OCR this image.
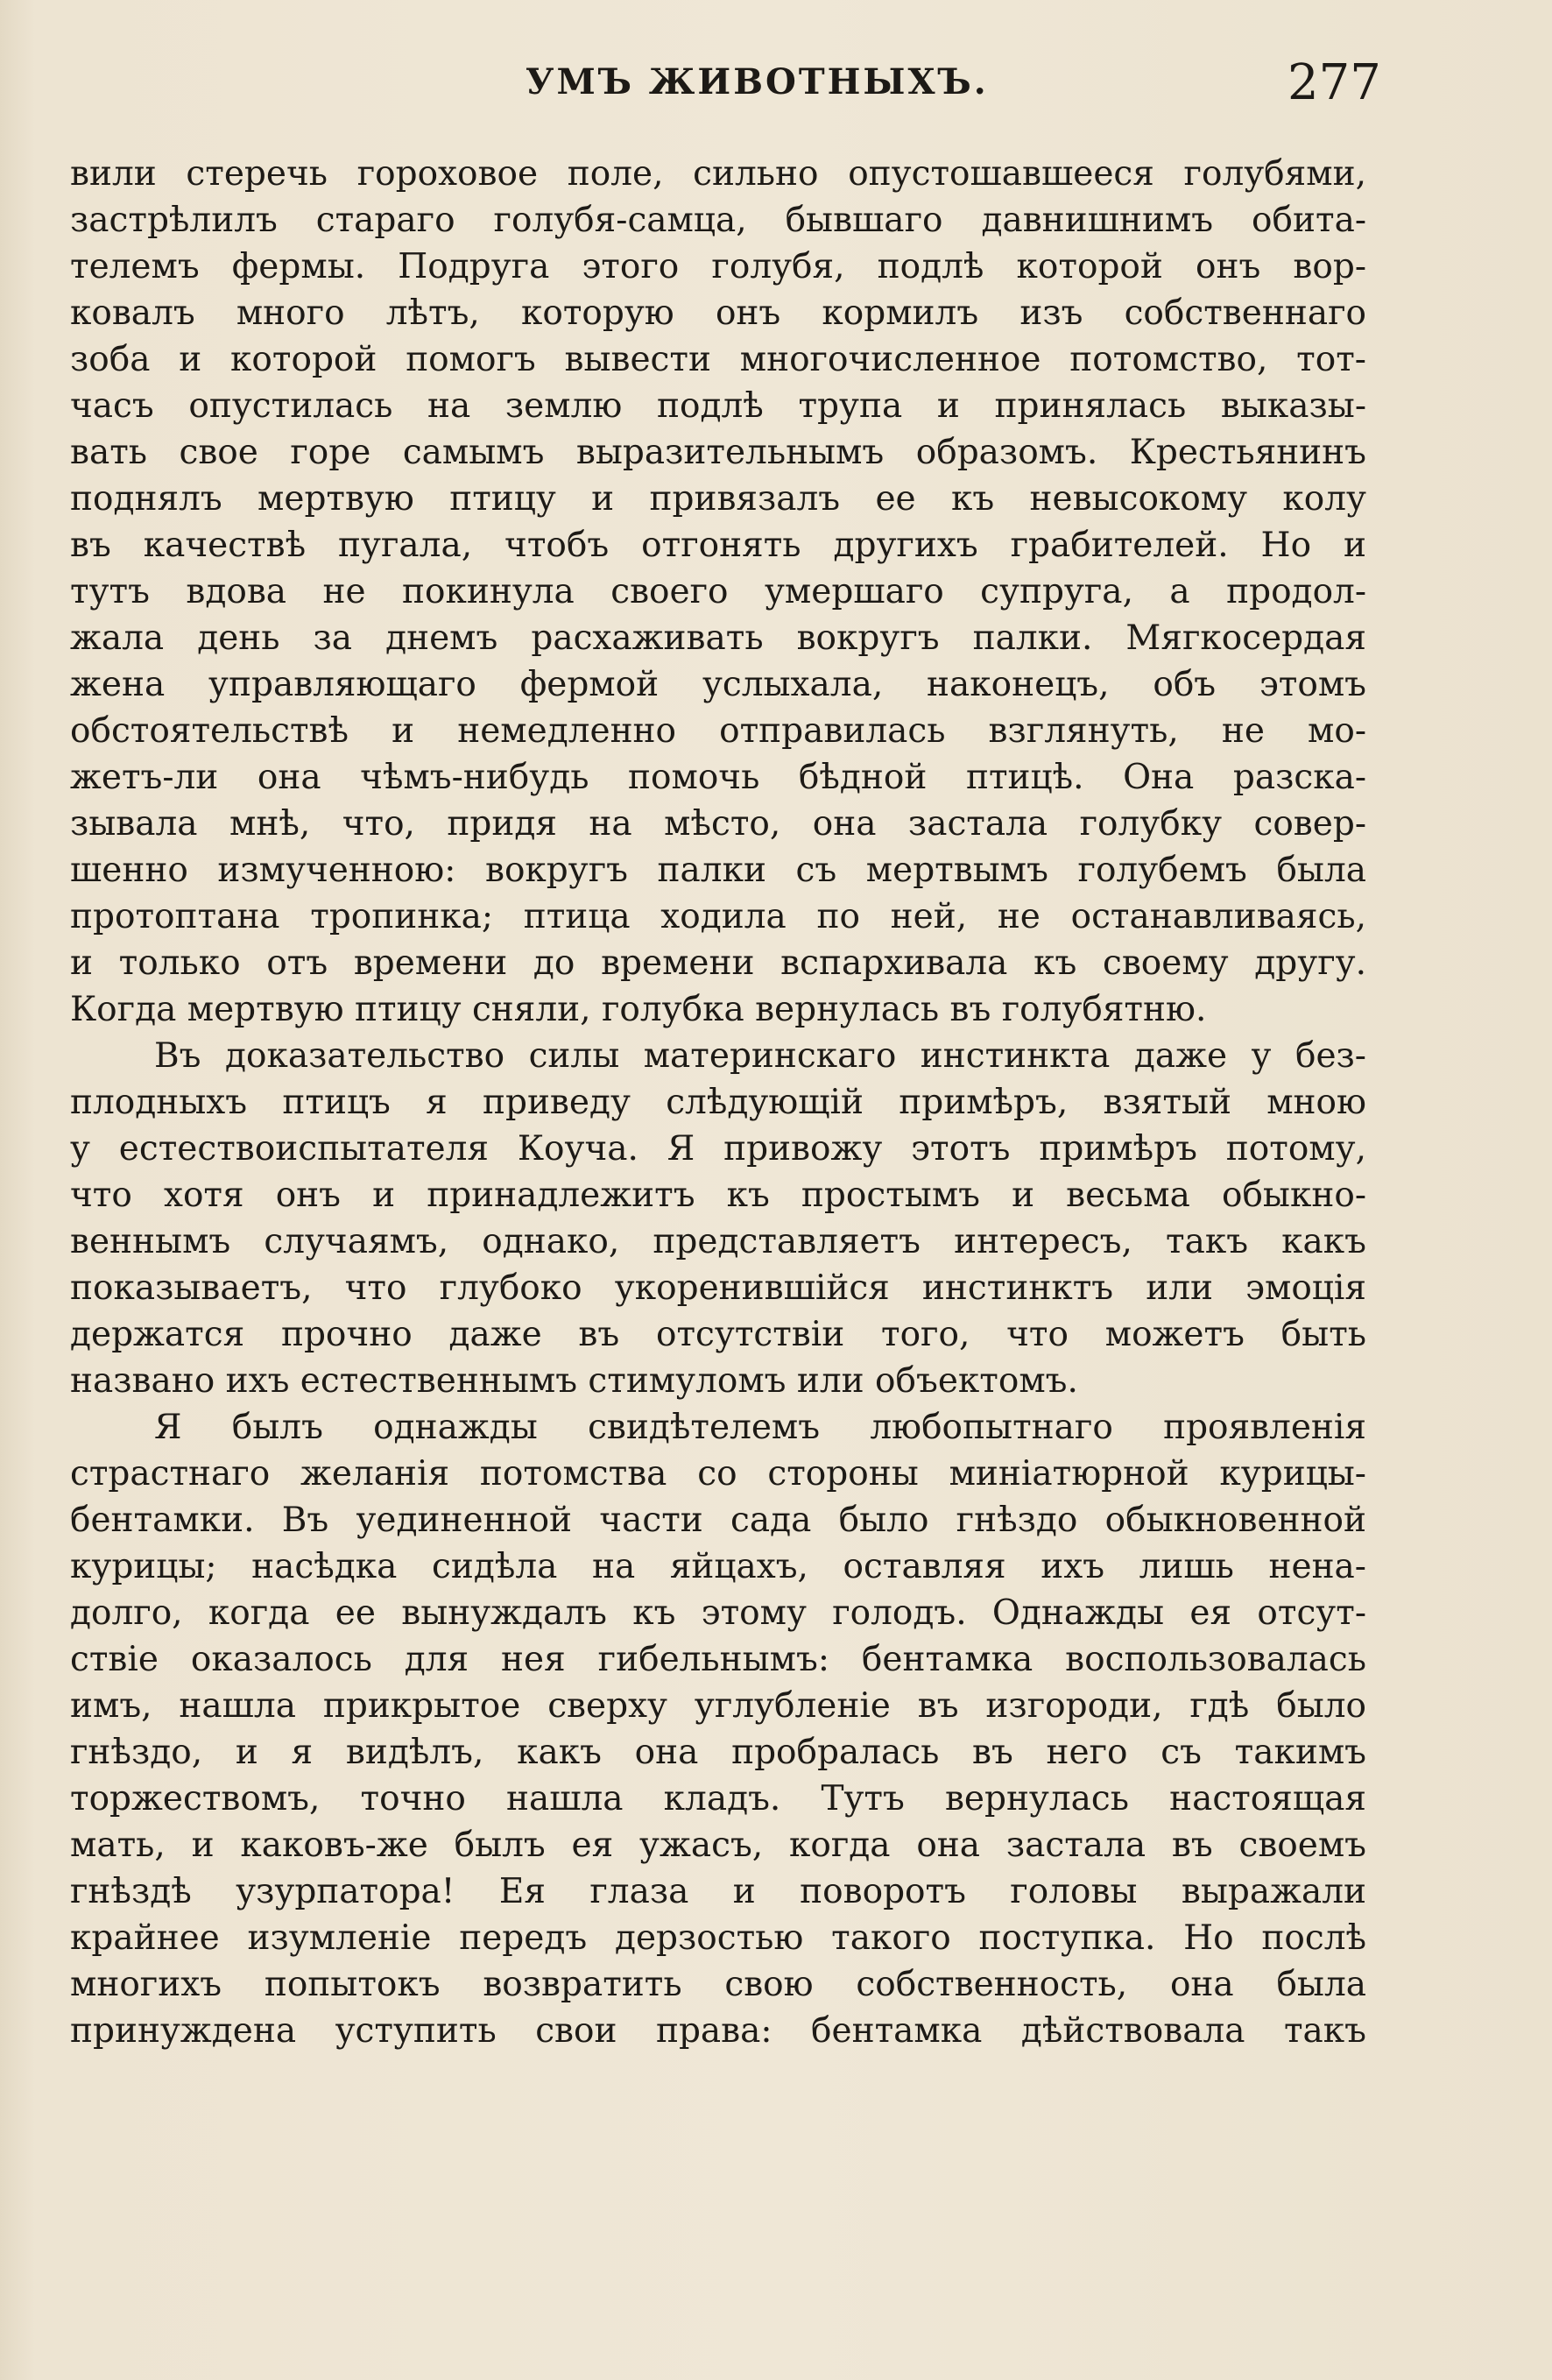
УМЪ ЖИВОТНЫХЪ.	277
вили стеречь гороховое поле, сильно опустошавшееся голубями,
застрѣлилъ стараго голубя-самца, бывшаго давнишнимъ обита-
телемъ фермы. Подруга этого голубя, подлѣ которой онъ вор-
ковалъ много лѣтъ, которую онъ кормилъ изъ собственнаго
зоба и которой помогъ вывести многочисленное потомство, тот-
часъ опустилась на землю подлѣ трупа и принялась выказы-
вать свое горе самымъ выразительнымъ образомъ. Крестьянинъ
поднялъ мертвую птицу и привязалъ ее къ невысокому колу
въ качествѣ пугала, чтобъ отгонять другихъ грабителей. Но и
тутъ вдова не покинула своего умершаго супруга, а продол-
жала день за днемъ расхаживать вокругъ палки. Мягкосердая
жена управляющаго фермой услыхала, наконецъ, объ этомъ
обстоятельствѣ и немедленно отправилась взглянуть, не мо-
жетъ-ли она чѣмъ-нибудь помочь бѣдной птицѣ. Она разска-
зывала мнѣ, что, придя на мѣсто, она застала голубку совер-
шенно измученною: вокругъ палки съ мертвымъ голубемъ была
протоптана тропинка; птица ходила по ней, не останавливаясь,
и только отъ времени до времени вспархивала къ своему другу.
Когда мертвую птицу сняли, голубка вернулась въ голубятню.
Въ доказательство силы материнскаго инстинкта даже у без-
плодныхъ птицъ я приведу слѣдующій примѣръ, взятый мною
у естествоиспытателя Коуча. Я привожу этотъ примѣръ потому,
что хотя онъ и принадлежитъ къ простымъ и весьма обыкно-
веннымъ случаямъ, однако, представляетъ интересъ, такъ какъ
показываетъ, что глубоко укоренившійся инстинктъ или эмоція
держатся прочно даже въ отсутствіи того, что можетъ быть
названо ихъ естественнымъ стимуломъ или объектомъ.
Я былъ однажды свидѣтелемъ любопытнаго проявленія
страстнаго желанія потомства со стороны миніатюрной курицы-
бентамки. Въ уединенной части сада было гнѣздо обыкновенной
курицы; насѣдка сидѣла на яйцахъ, оставляя ихъ лишь нена-
долго, когда ее вынуждалъ къ этому голодъ. Однажды ея отсут-
ствіе оказалось для нея гибельнымъ: бентамка воспользовалась
имъ, нашла прикрытое сверху углубленіе въ изгороди, гдѣ было
гнѣздо, и я видѣлъ, какъ она пробралась въ него съ такимъ
торжествомъ, точно нашла кладъ. Тутъ вернулась настоящая
мать, и каковъ-же былъ ея ужасъ, когда она застала въ своемъ
гнѣздѣ узурпатора! Ея глаза и поворотъ головы выражали
крайнее изумленіе передъ дерзостью такого поступка. Но послѣ
многихъ попытокъ возвратить свою собственность, она была
принуждена уступить свои права: бентамка дѣйствовала такъ
